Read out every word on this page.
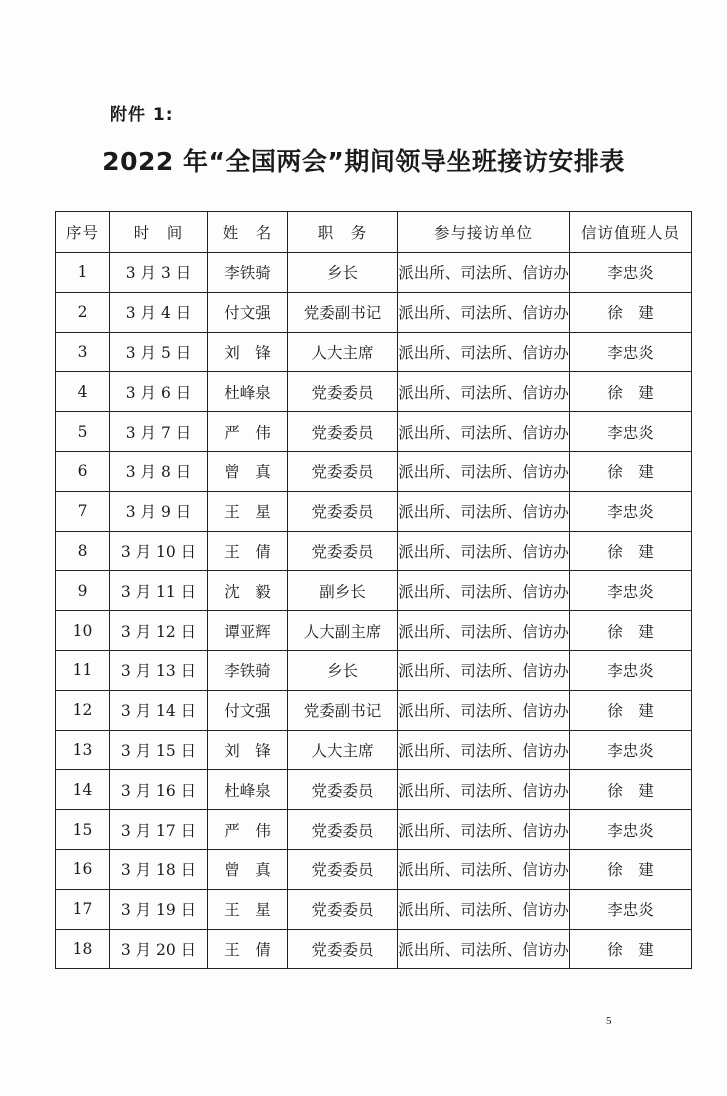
附件 1:
2022 年“全国两会”期间领导坐班接访安排表
序号	时　间	姓　名	职　务	参与接访单位	信访值班人员
1	3 月 3 日	李铁骑	乡长	派出所、司法所、信访办	李忠炎
2	3 月 4 日	付文强	党委副书记	派出所、司法所、信访办	徐　建
3	3 月 5 日	刘　锋	人大主席	派出所、司法所、信访办	李忠炎
4	3 月 6 日	杜峰泉	党委委员	派出所、司法所、信访办	徐　建
5	3 月 7 日	严　伟	党委委员	派出所、司法所、信访办	李忠炎
6	3 月 8 日	曾　真	党委委员	派出所、司法所、信访办	徐　建
7	3 月 9 日	王　星	党委委员	派出所、司法所、信访办	李忠炎
8	3 月 10 日	王　倩	党委委员	派出所、司法所、信访办	徐　建
9	3 月 11 日	沈　毅	副乡长	派出所、司法所、信访办	李忠炎
10	3 月 12 日	谭亚辉	人大副主席	派出所、司法所、信访办	徐　建
11	3 月 13 日	李铁骑	乡长	派出所、司法所、信访办	李忠炎
12	3 月 14 日	付文强	党委副书记	派出所、司法所、信访办	徐　建
13	3 月 15 日	刘　锋	人大主席	派出所、司法所、信访办	李忠炎
14	3 月 16 日	杜峰泉	党委委员	派出所、司法所、信访办	徐　建
15	3 月 17 日	严　伟	党委委员	派出所、司法所、信访办	李忠炎
16	3 月 18 日	曾　真	党委委员	派出所、司法所、信访办	徐　建
17	3 月 19 日	王　星	党委委员	派出所、司法所、信访办	李忠炎
18	3 月 20 日	王　倩	党委委员	派出所、司法所、信访办	徐　建
5
